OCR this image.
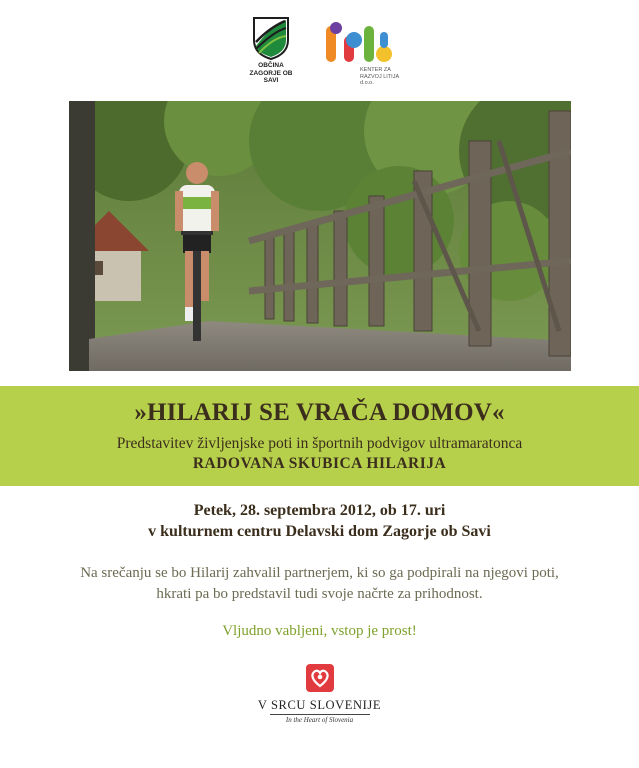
OBČINA ZAGORJE OB SAVI
KENTER ZA RAZVOJ LITIJA d.o.o.
»HILARIJ SE VRAČA DOMOV«
Predstavitev življenjske poti in športnih podvigov ultramaratonca
RADOVANA SKUBICA HILARIJA
Petek, 28. septembra 2012, ob 17. uri
v kulturnem centru Delavski dom Zagorje ob Savi
Na srečanju se bo Hilarij zahvalil partnerjem, ki so ga podpirali na njegovi poti,
hkrati pa bo predstavil tudi svoje načrte za prihodnost.
Vljudno vabljeni, vstop je prost!
V SRCU SLOVENIJE
In the Heart of Slovenia
